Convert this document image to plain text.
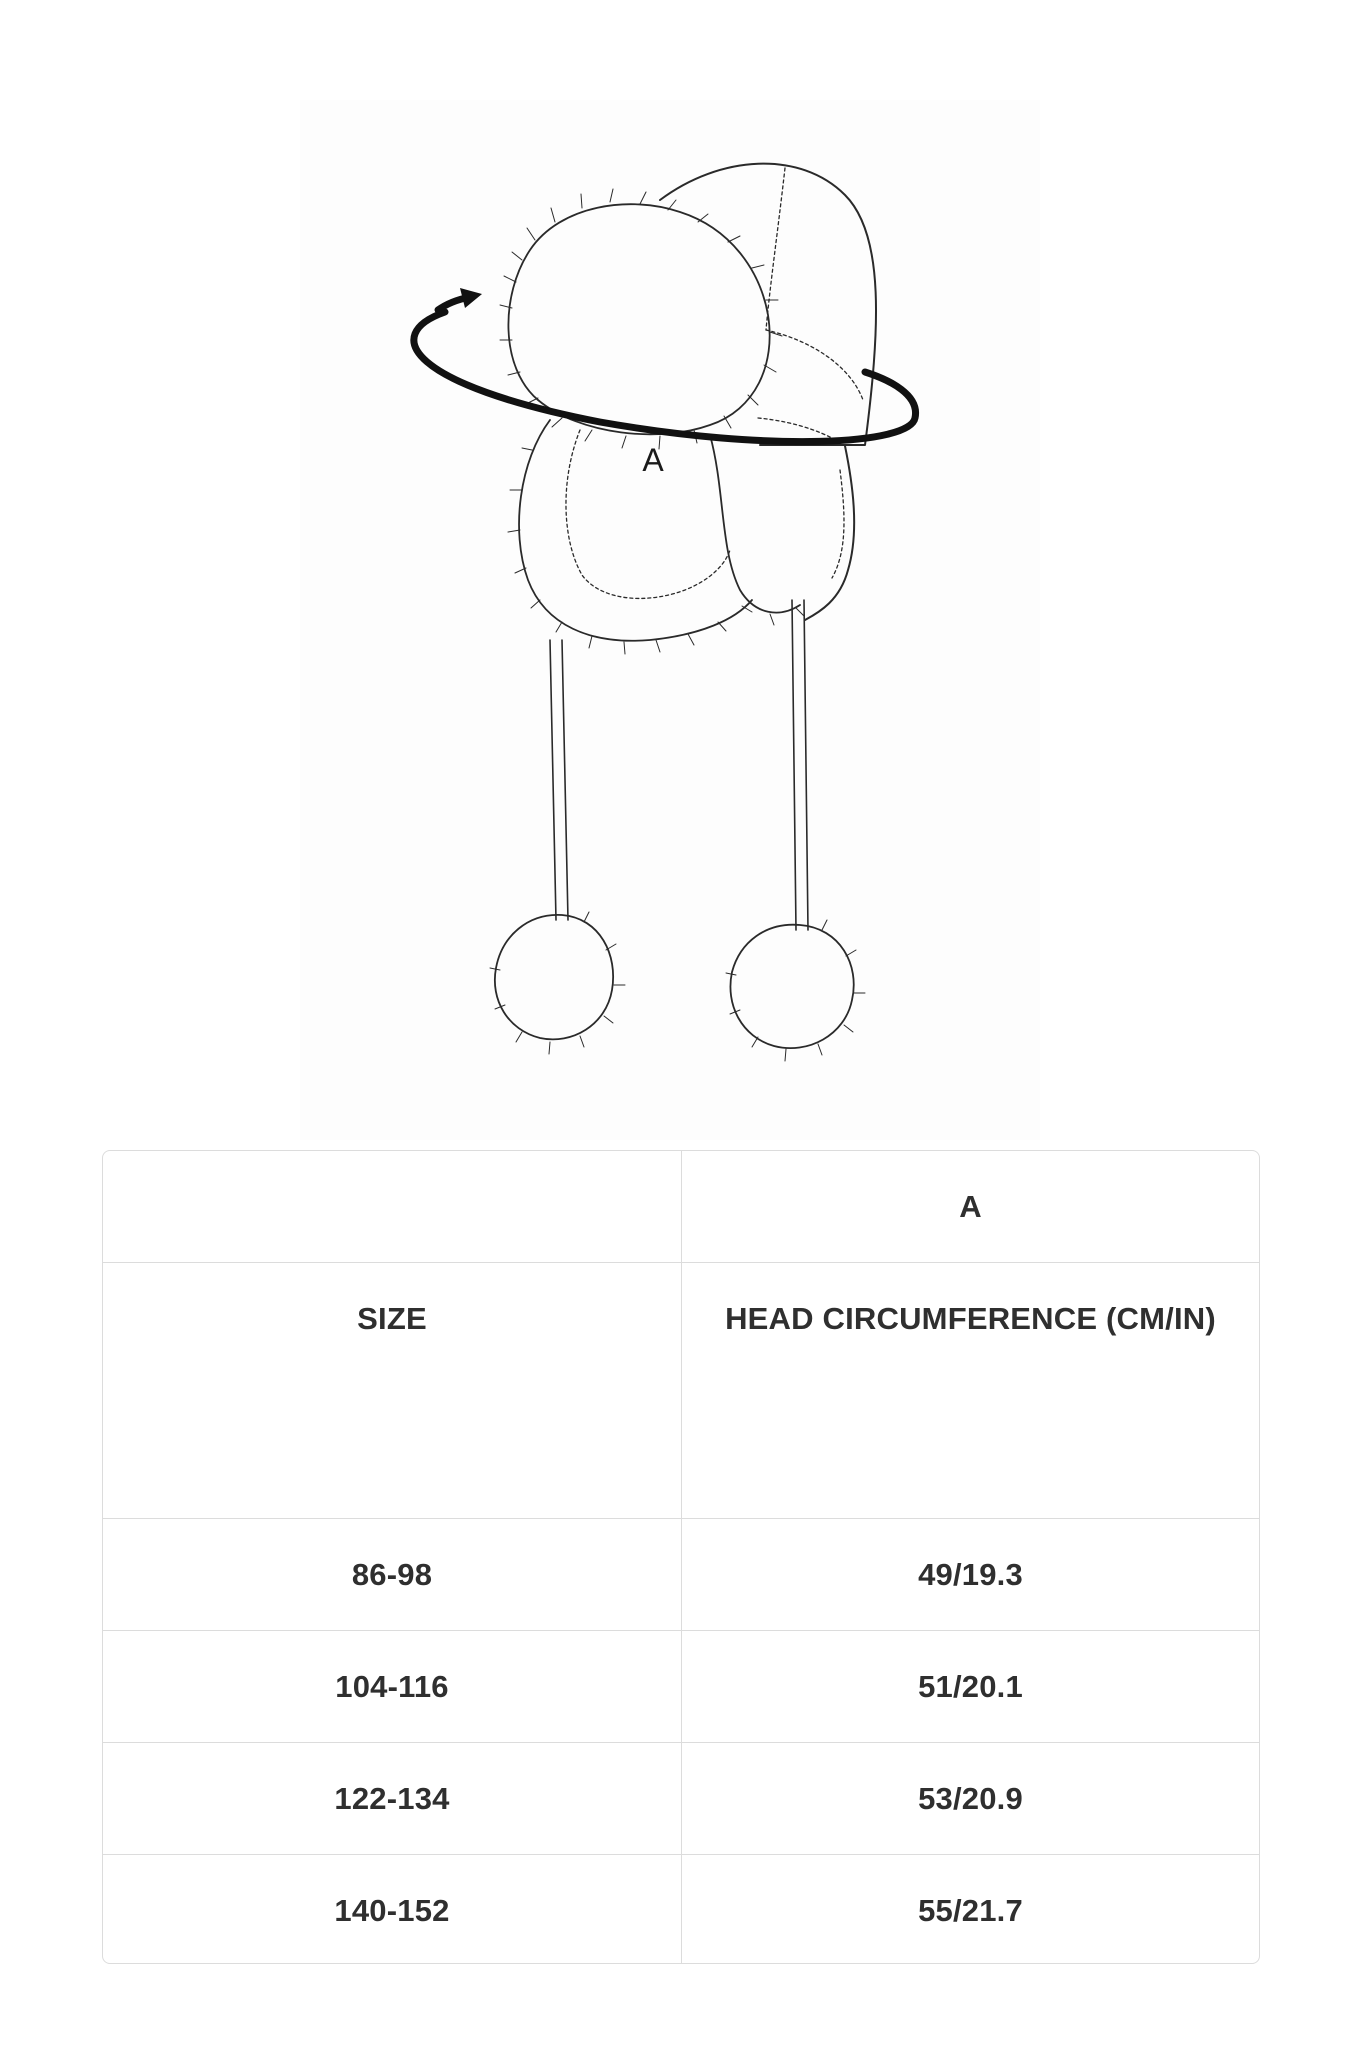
A
A
SIZE	HEAD CIRCUMFERENCE (CM/IN)
86-98	49/19.3
104-116	51/20.1
122-134	53/20.9
140-152	55/21.7
